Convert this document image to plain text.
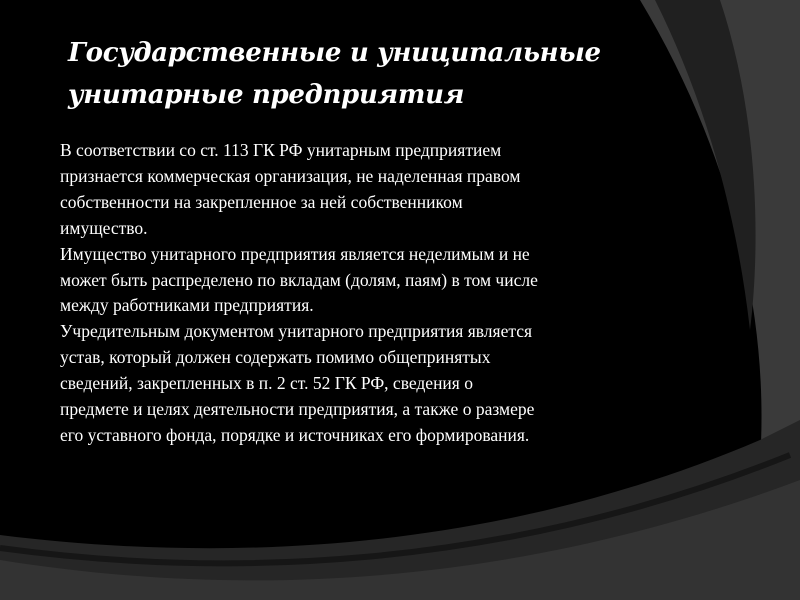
Государственные и униципальные
унитарные предприятия

В соответствии со ст. 113 ГК РФ унитарным предприятием
признается коммерческая организация, не наделенная правом
собственности на закрепленное за ней собственником
имущество.

Имущество унитарного предприятия является неделимым и не
может быть распределено по вкладам (долям, паям) в том числе
между работниками предприятия.

Учредительным документом унитарного предприятия является
устав, который должен содержать помимо общепринятых
сведений, закрепленных в п. 2 ст. 52 ГК РФ, сведения о
предмете и целях деятельности предприятия, а также о размере
его уставного фонда, порядке и источниках его формирования.
